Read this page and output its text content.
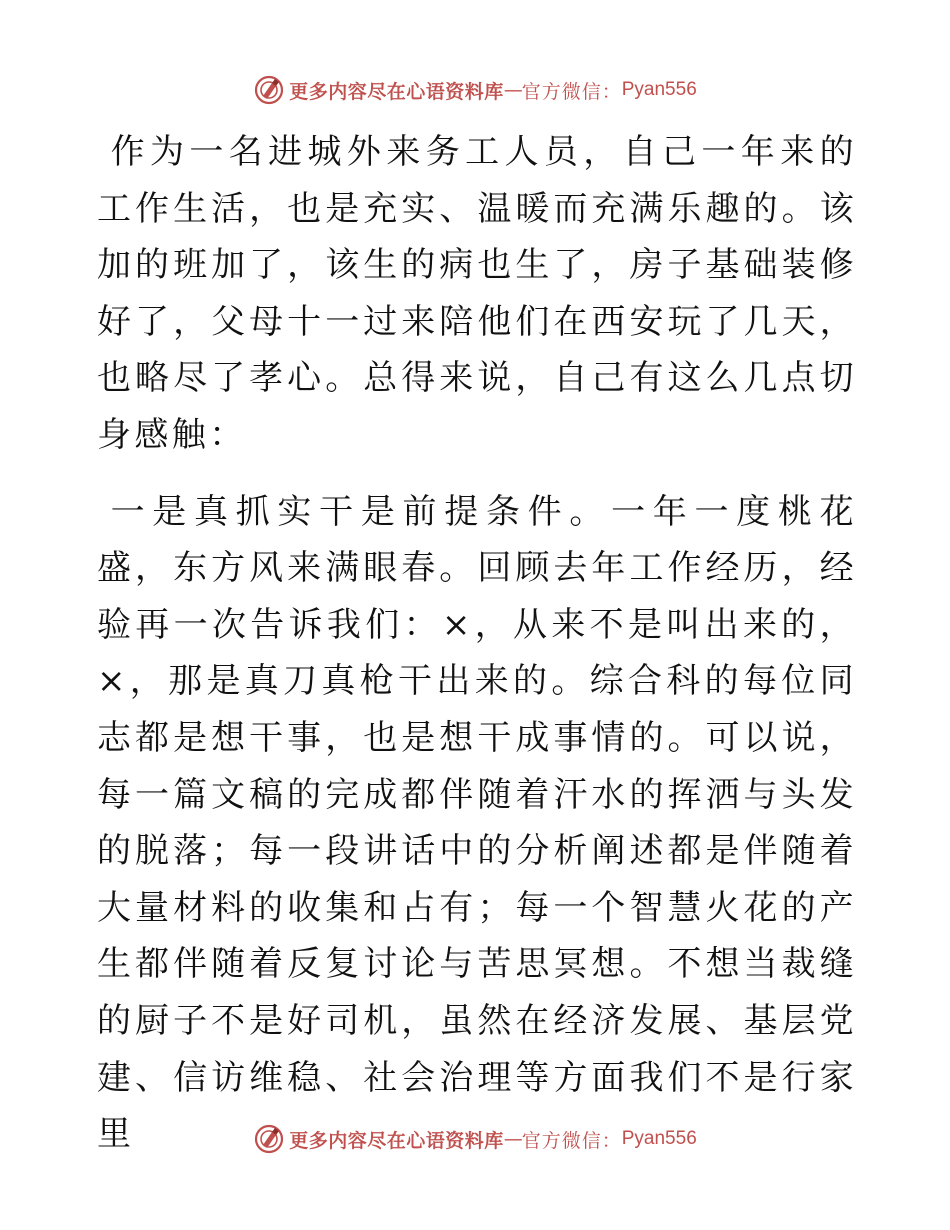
更多内容尽在心语资料库 — 官方微信： Pyan556

作为一名进城外来务工人员，自己一年来的工作生活，也是充实、温暖而充满乐趣的。该加的班加了，该生的病也生了，房子基础装修好了，父母十一过来陪他们在西安玩了几天，也略尽了孝心。总得来说，自己有这么几点切身感触：

一是真抓实干是前提条件。一年一度桃花盛，东方风来满眼春。回顾去年工作经历，经验再一次告诉我们：×，从来不是叫出来的，×，那是真刀真枪干出来的。综合科的每位同志都是想干事，也是想干成事情的。可以说，每一篇文稿的完成都伴随着汗水的挥洒与头发的脱落；每一段讲话中的分析阐述都是伴随着大量材料的收集和占有；每一个智慧火花的产生都伴随着反复讨论与苦思冥想。不想当裁缝的厨子不是好司机，虽然在经济发展、基层党建、信访维稳、社会治理等方面我们不是行家里	更多内容尽在心语资料库 — 官方微信： Pyan556
